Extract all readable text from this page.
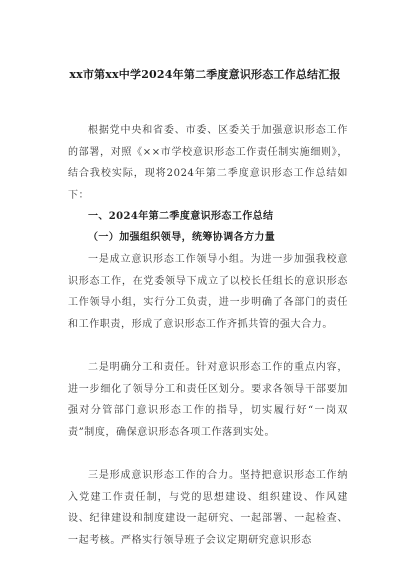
xx市第xx中学2024年第二季度意识形态工作总结汇报

根据党中央和省委、市委、区委关于加强意识形态工作的部署，对照《××市学校意识形态工作责任制实施细则》，结合我校实际，现将2024年第二季度意识形态工作总结如下：

一、2024年第二季度意识形态工作总结
（一）加强组织领导，统筹协调各方力量

一是成立意识形态工作领导小组。为进一步加强我校意识形态工作，在党委领导下成立了以校长任组长的意识形态工作领导小组，实行分工负责，进一步明确了各部门的责任和工作职责，形成了意识形态工作齐抓共管的强大合力。

二是明确分工和责任。针对意识形态工作的重点内容，进一步细化了领导分工和责任区划分。要求各领导干部要加强对分管部门意识形态工作的指导，切实履行好“一岗双责”制度，确保意识形态各项工作落到实处。

三是形成意识形态工作的合力。坚持把意识形态工作纳入党建工作责任制，与党的思想建设、组织建设、作风建设、纪律建设和制度建设一起研究、一起部署、一起检查、一起考核。严格实行领导班子会议定期研究意识形态
